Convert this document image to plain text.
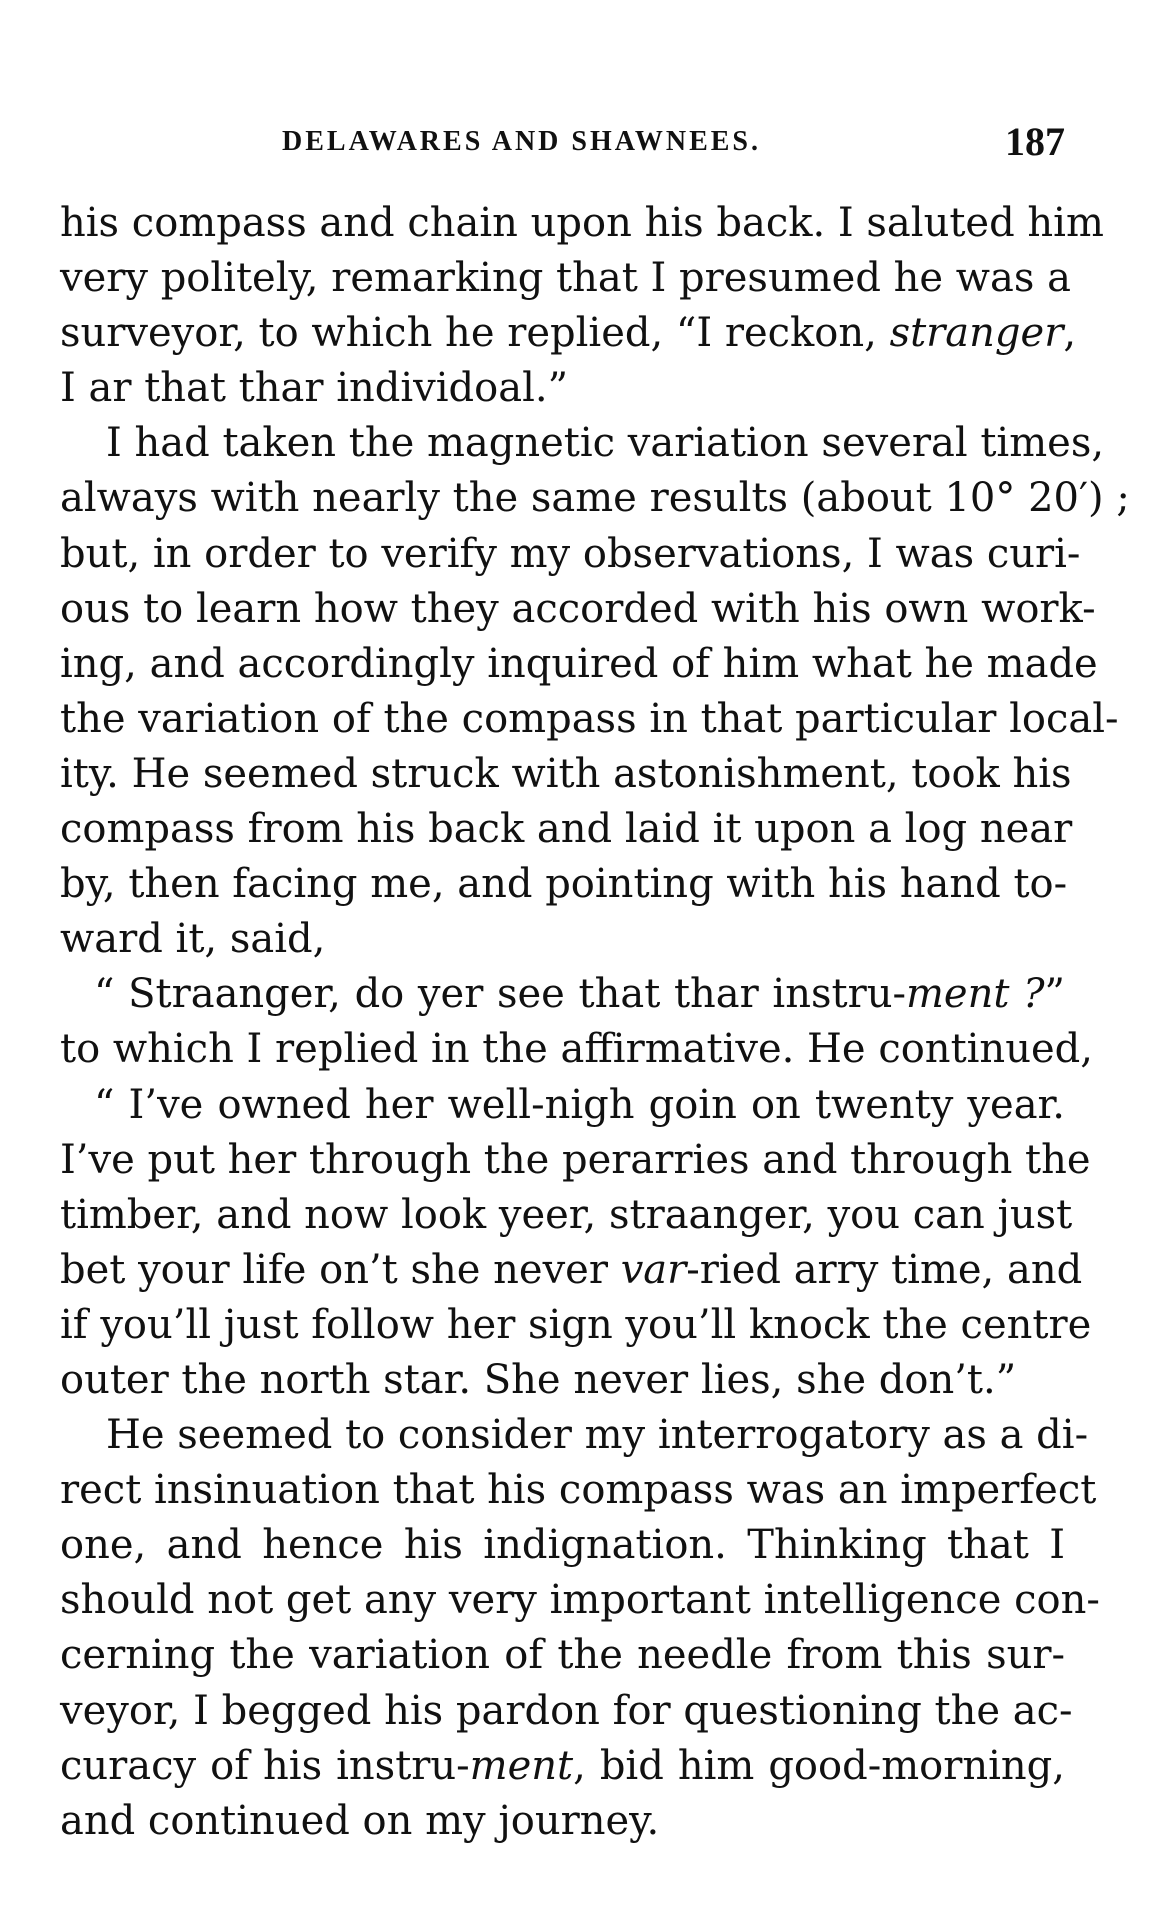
DELAWARES AND SHAWNEES.	187
his compass and chain upon his back. I saluted him
very politely, remarking that I presumed he was a
surveyor, to which he replied, “I reckon, stranger,
I ar that thar individoal.”
I had taken the magnetic variation several times,
always with nearly the same results (about 10° 20′) ;
but, in order to verify my observations, I was curi-
ous to learn how they accorded with his own work-
ing, and accordingly inquired of him what he made
the variation of the compass in that particular local-
ity. He seemed struck with astonishment, took his
compass from his back and laid it upon a log near
by, then facing me, and pointing with his hand to-
ward it, said,
“ Straanger, do yer see that thar instru-ment ?”
to which I replied in the affirmative. He continued,
“ I’ve owned her well-nigh goin on twenty year.
I’ve put her through the perarries and through the
timber, and now look yeer, straanger, you can just
bet your life on’t she never var-ried arry time, and
if you’ll just follow her sign you’ll knock the centre
outer the north star. She never lies, she don’t.”
He seemed to consider my interrogatory as a di-
rect insinuation that his compass was an imperfect
one, and hence his indignation. Thinking that I
should not get any very important intelligence con-
cerning the variation of the needle from this sur-
veyor, I begged his pardon for questioning the ac-
curacy of his instru-ment, bid him good-morning,
and continued on my journey.
